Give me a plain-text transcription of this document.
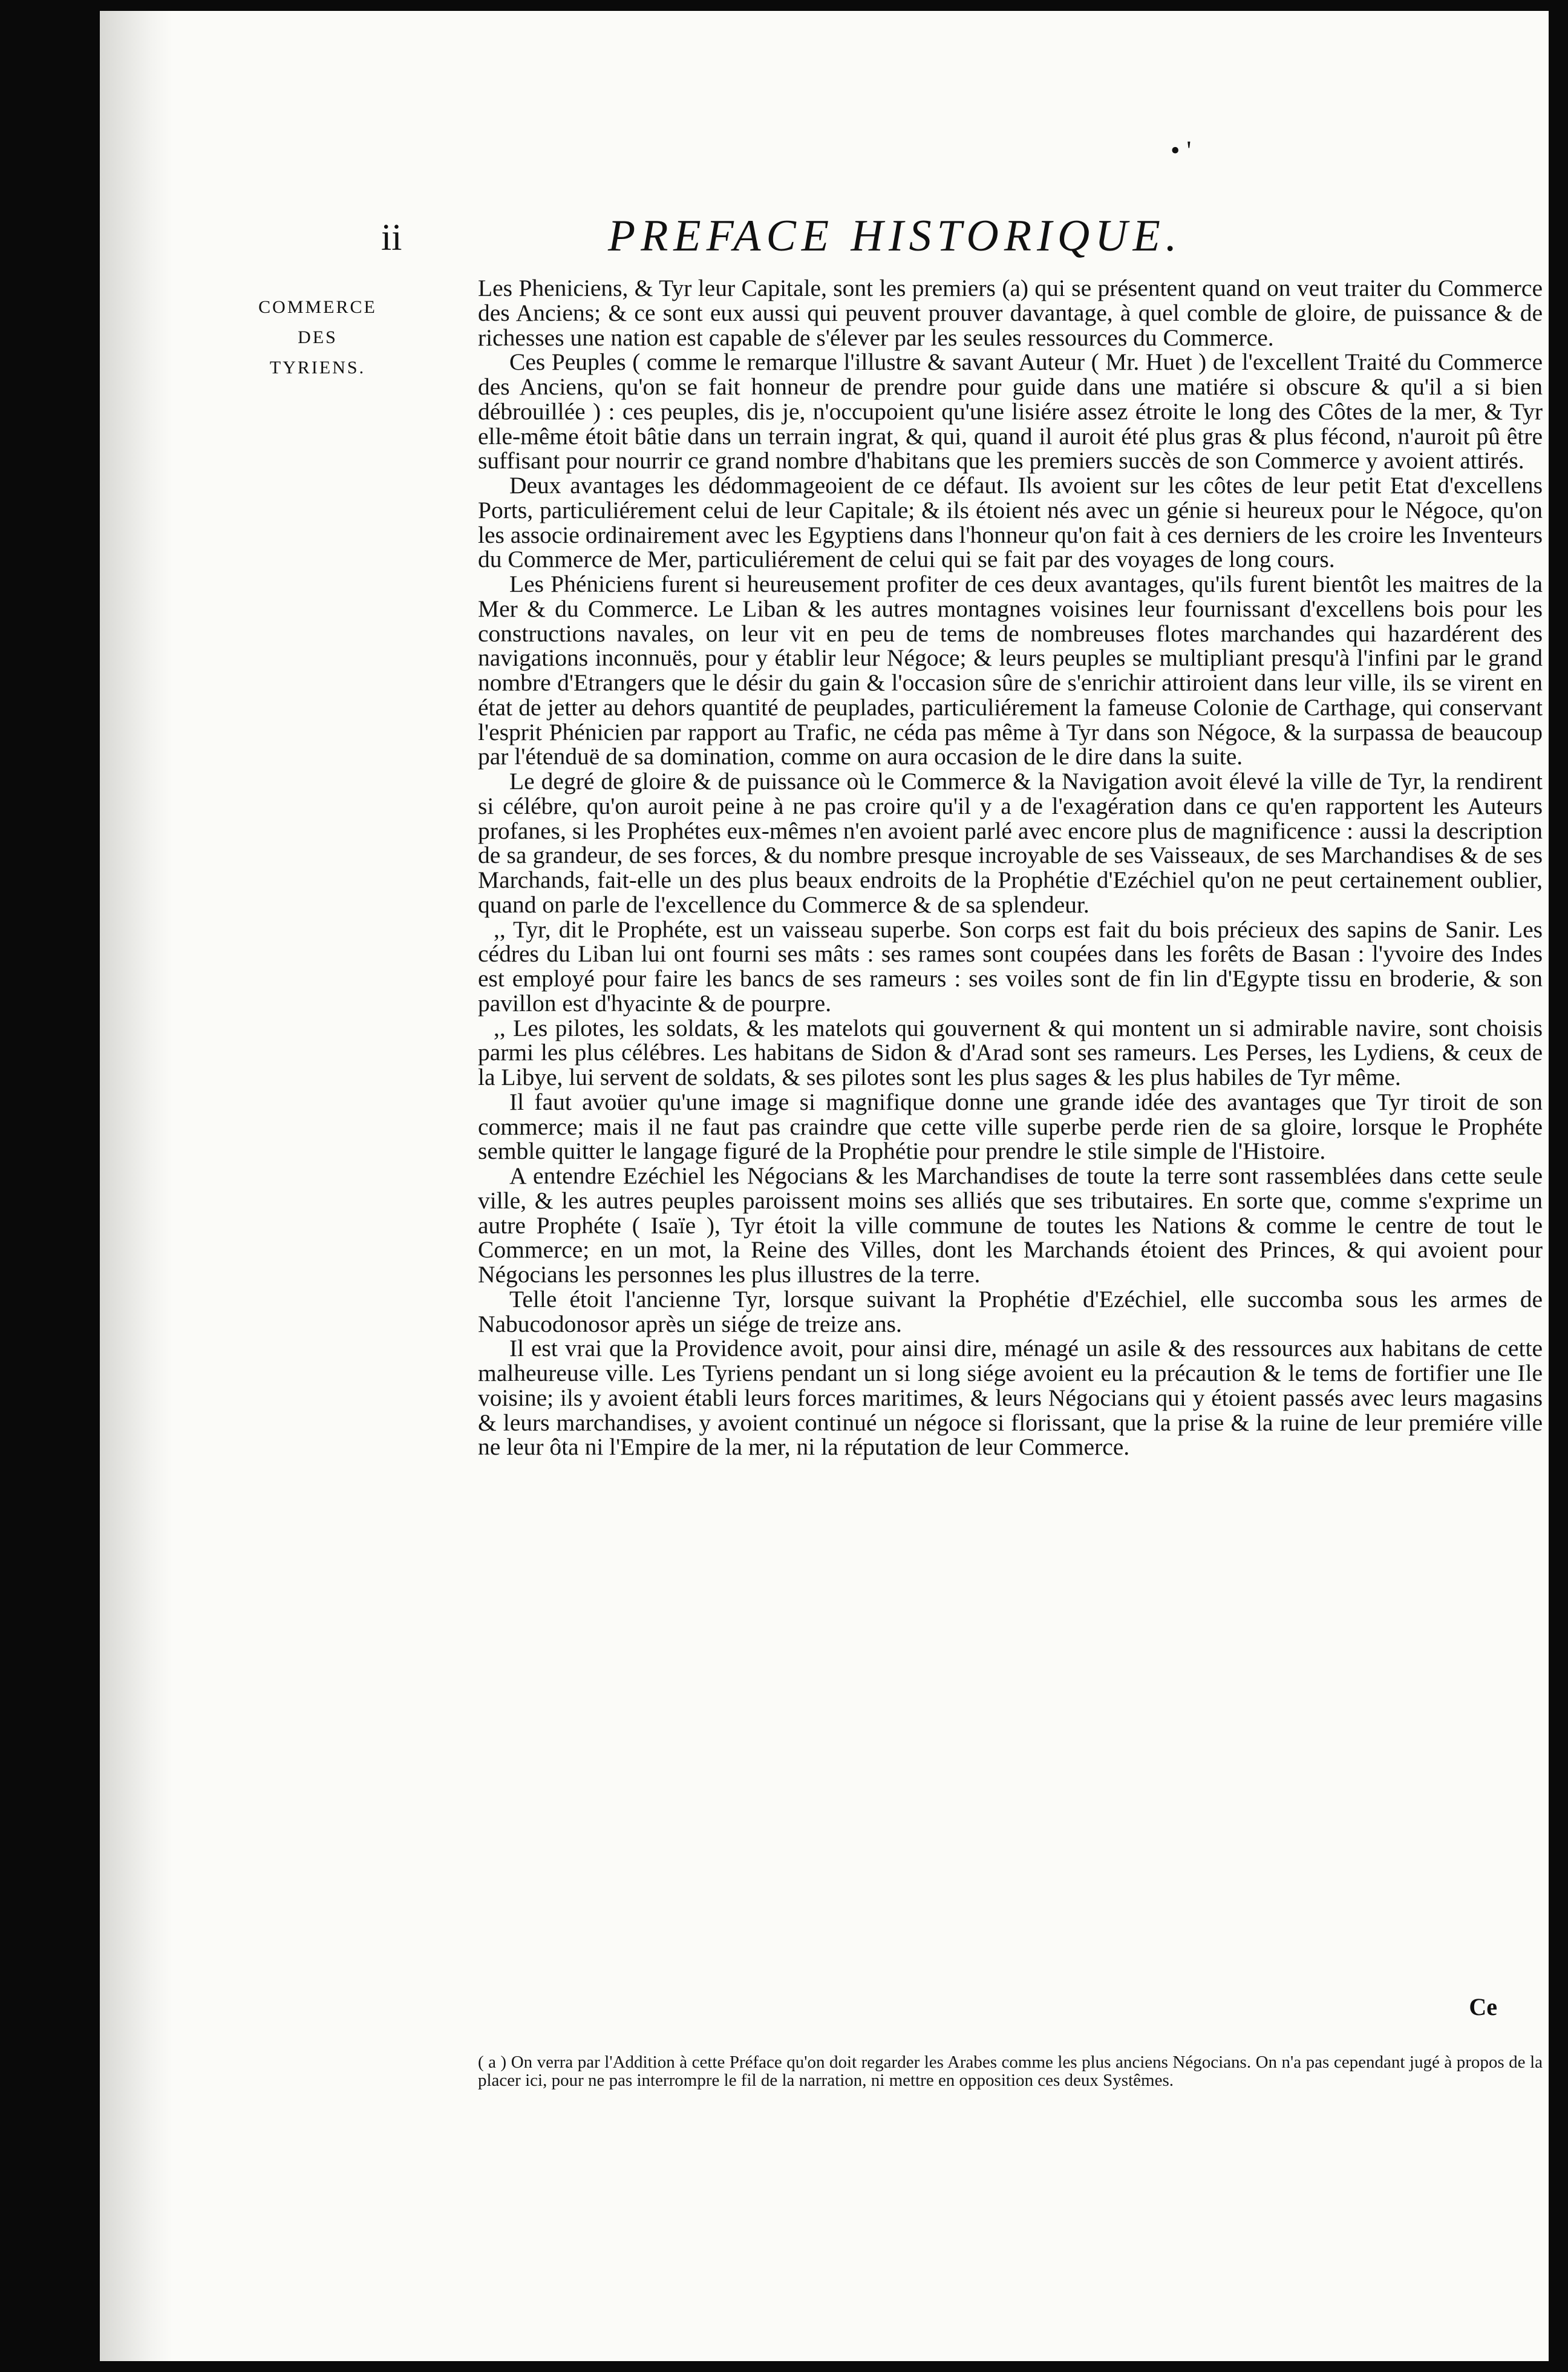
• '
ii	PREFACE HISTORIQUE.
COMMERCE DES TYRIENS.

Les Pheniciens, & Tyr leur Capitale, sont les premiers (a) qui se présentent quand on veut traiter du Commerce des Anciens; & ce sont eux aussi qui peuvent prouver davantage, à quel comble de gloire, de puissance & de richesses une nation est capable de s'élever par les seules ressources du Commerce.

Ces Peuples ( comme le remarque l'illustre & savant Auteur ( Mr. Huet ) de l'excellent Traité du Commerce des Anciens, qu'on se fait honneur de prendre pour guide dans une matiére si obscure & qu'il a si bien débrouillée ) : ces peuples, dis je, n'occupoient qu'une lisiére assez étroite le long des Côtes de la mer, & Tyr elle-même étoit bâtie dans un terrain ingrat, & qui, quand il auroit été plus gras & plus fécond, n'auroit pû être suffisant pour nourrir ce grand nombre d'habitans que les premiers succès de son Commerce y avoient attirés.

Deux avantages les dédommageoient de ce défaut. Ils avoient sur les côtes de leur petit Etat d'excellens Ports, particuliérement celui de leur Capitale; & ils étoient nés avec un génie si heureux pour le Négoce, qu'on les associe ordinairement avec les Egyptiens dans l'honneur qu'on fait à ces derniers de les croire les Inventeurs du Commerce de Mer, particuliérement de celui qui se fait par des voyages de long cours.

Les Phéniciens furent si heureusement profiter de ces deux avantages, qu'ils furent bientôt les maitres de la Mer & du Commerce. Le Liban & les autres montagnes voisines leur fournissant d'excellens bois pour les constructions navales, on leur vit en peu de tems de nombreuses flotes marchandes qui hazardérent des navigations inconnuës, pour y établir leur Négoce; & leurs peuples se multipliant presqu'à l'infini par le grand nombre d'Etrangers que le désir du gain & l'occasion sûre de s'enrichir attiroient dans leur ville, ils se virent en état de jetter au dehors quantité de peuplades, particuliérement la fameuse Colonie de Carthage, qui conservant l'esprit Phénicien par rapport au Trafic, ne céda pas même à Tyr dans son Négoce, & la surpassa de beaucoup par l'étenduë de sa domination, comme on aura occasion de le dire dans la suite.

Le degré de gloire & de puissance où le Commerce & la Navigation avoit élevé la ville de Tyr, la rendirent si célébre, qu'on auroit peine à ne pas croire qu'il y a de l'exagération dans ce qu'en rapportent les Auteurs profanes, si les Prophétes eux-mêmes n'en avoient parlé avec encore plus de magnificence : aussi la description de sa grandeur, de ses forces, & du nombre presque incroyable de ses Vaisseaux, de ses Marchandises & de ses Marchands, fait-elle un des plus beaux endroits de la Prophétie d'Ezéchiel qu'on ne peut certainement oublier, quand on parle de l'excellence du Commerce & de sa splendeur.

,, Tyr, dit le Prophéte, est un vaisseau superbe. Son corps est fait du bois précieux des sapins de Sanir. Les cédres du Liban lui ont fourni ses mâts : ses rames sont coupées dans les forêts de Basan : l'yvoire des Indes est employé pour faire les bancs de ses rameurs : ses voiles sont de fin lin d'Egypte tissu en broderie, & son pavillon est d'hyacinte & de pourpre.

,, Les pilotes, les soldats, & les matelots qui gouvernent & qui montent un si admirable navire, sont choisis parmi les plus célébres. Les habitans de Sidon & d'Arad sont ses rameurs. Les Perses, les Lydiens, & ceux de la Libye, lui servent de soldats, & ses pilotes sont les plus sages & les plus habiles de Tyr même.

Il faut avoüer qu'une image si magnifique donne une grande idée des avantages que Tyr tiroit de son commerce; mais il ne faut pas craindre que cette ville superbe perde rien de sa gloire, lorsque le Prophéte semble quitter le langage figuré de la Prophétie pour prendre le stile simple de l'Histoire.

A entendre Ezéchiel les Négocians & les Marchandises de toute la terre sont rassemblées dans cette seule ville, & les autres peuples paroissent moins ses alliés que ses tributaires. En sorte que, comme s'exprime un autre Prophéte ( Isaïe ), Tyr étoit la ville commune de toutes les Nations & comme le centre de tout le Commerce; en un mot, la Reine des Villes, dont les Marchands étoient des Princes, & qui avoient pour Négocians les personnes les plus illustres de la terre.

Telle étoit l'ancienne Tyr, lorsque suivant la Prophétie d'Ezéchiel, elle succomba sous les armes de Nabucodonosor après un siége de treize ans.

Il est vrai que la Providence avoit, pour ainsi dire, ménagé un asile & des ressources aux habitans de cette malheureuse ville. Les Tyriens pendant un si long siége avoient eu la précaution & le tems de fortifier une Ile voisine; ils y avoient établi leurs forces maritimes, & leurs Négocians qui y étoient passés avec leurs magasins & leurs marchandises, y avoient continué un négoce si florissant, que la prise & la ruine de leur premiére ville ne leur ôta ni l'Empire de la mer, ni la réputation de leur Commerce.

Ce
( a ) On verra par l'Addition à cette Préface qu'on doit regarder les Arabes comme les plus anciens Négocians. On n'a pas cependant jugé à propos de la placer ici, pour ne pas interrompre le fil de la narration, ni mettre en opposition ces deux Systêmes.
